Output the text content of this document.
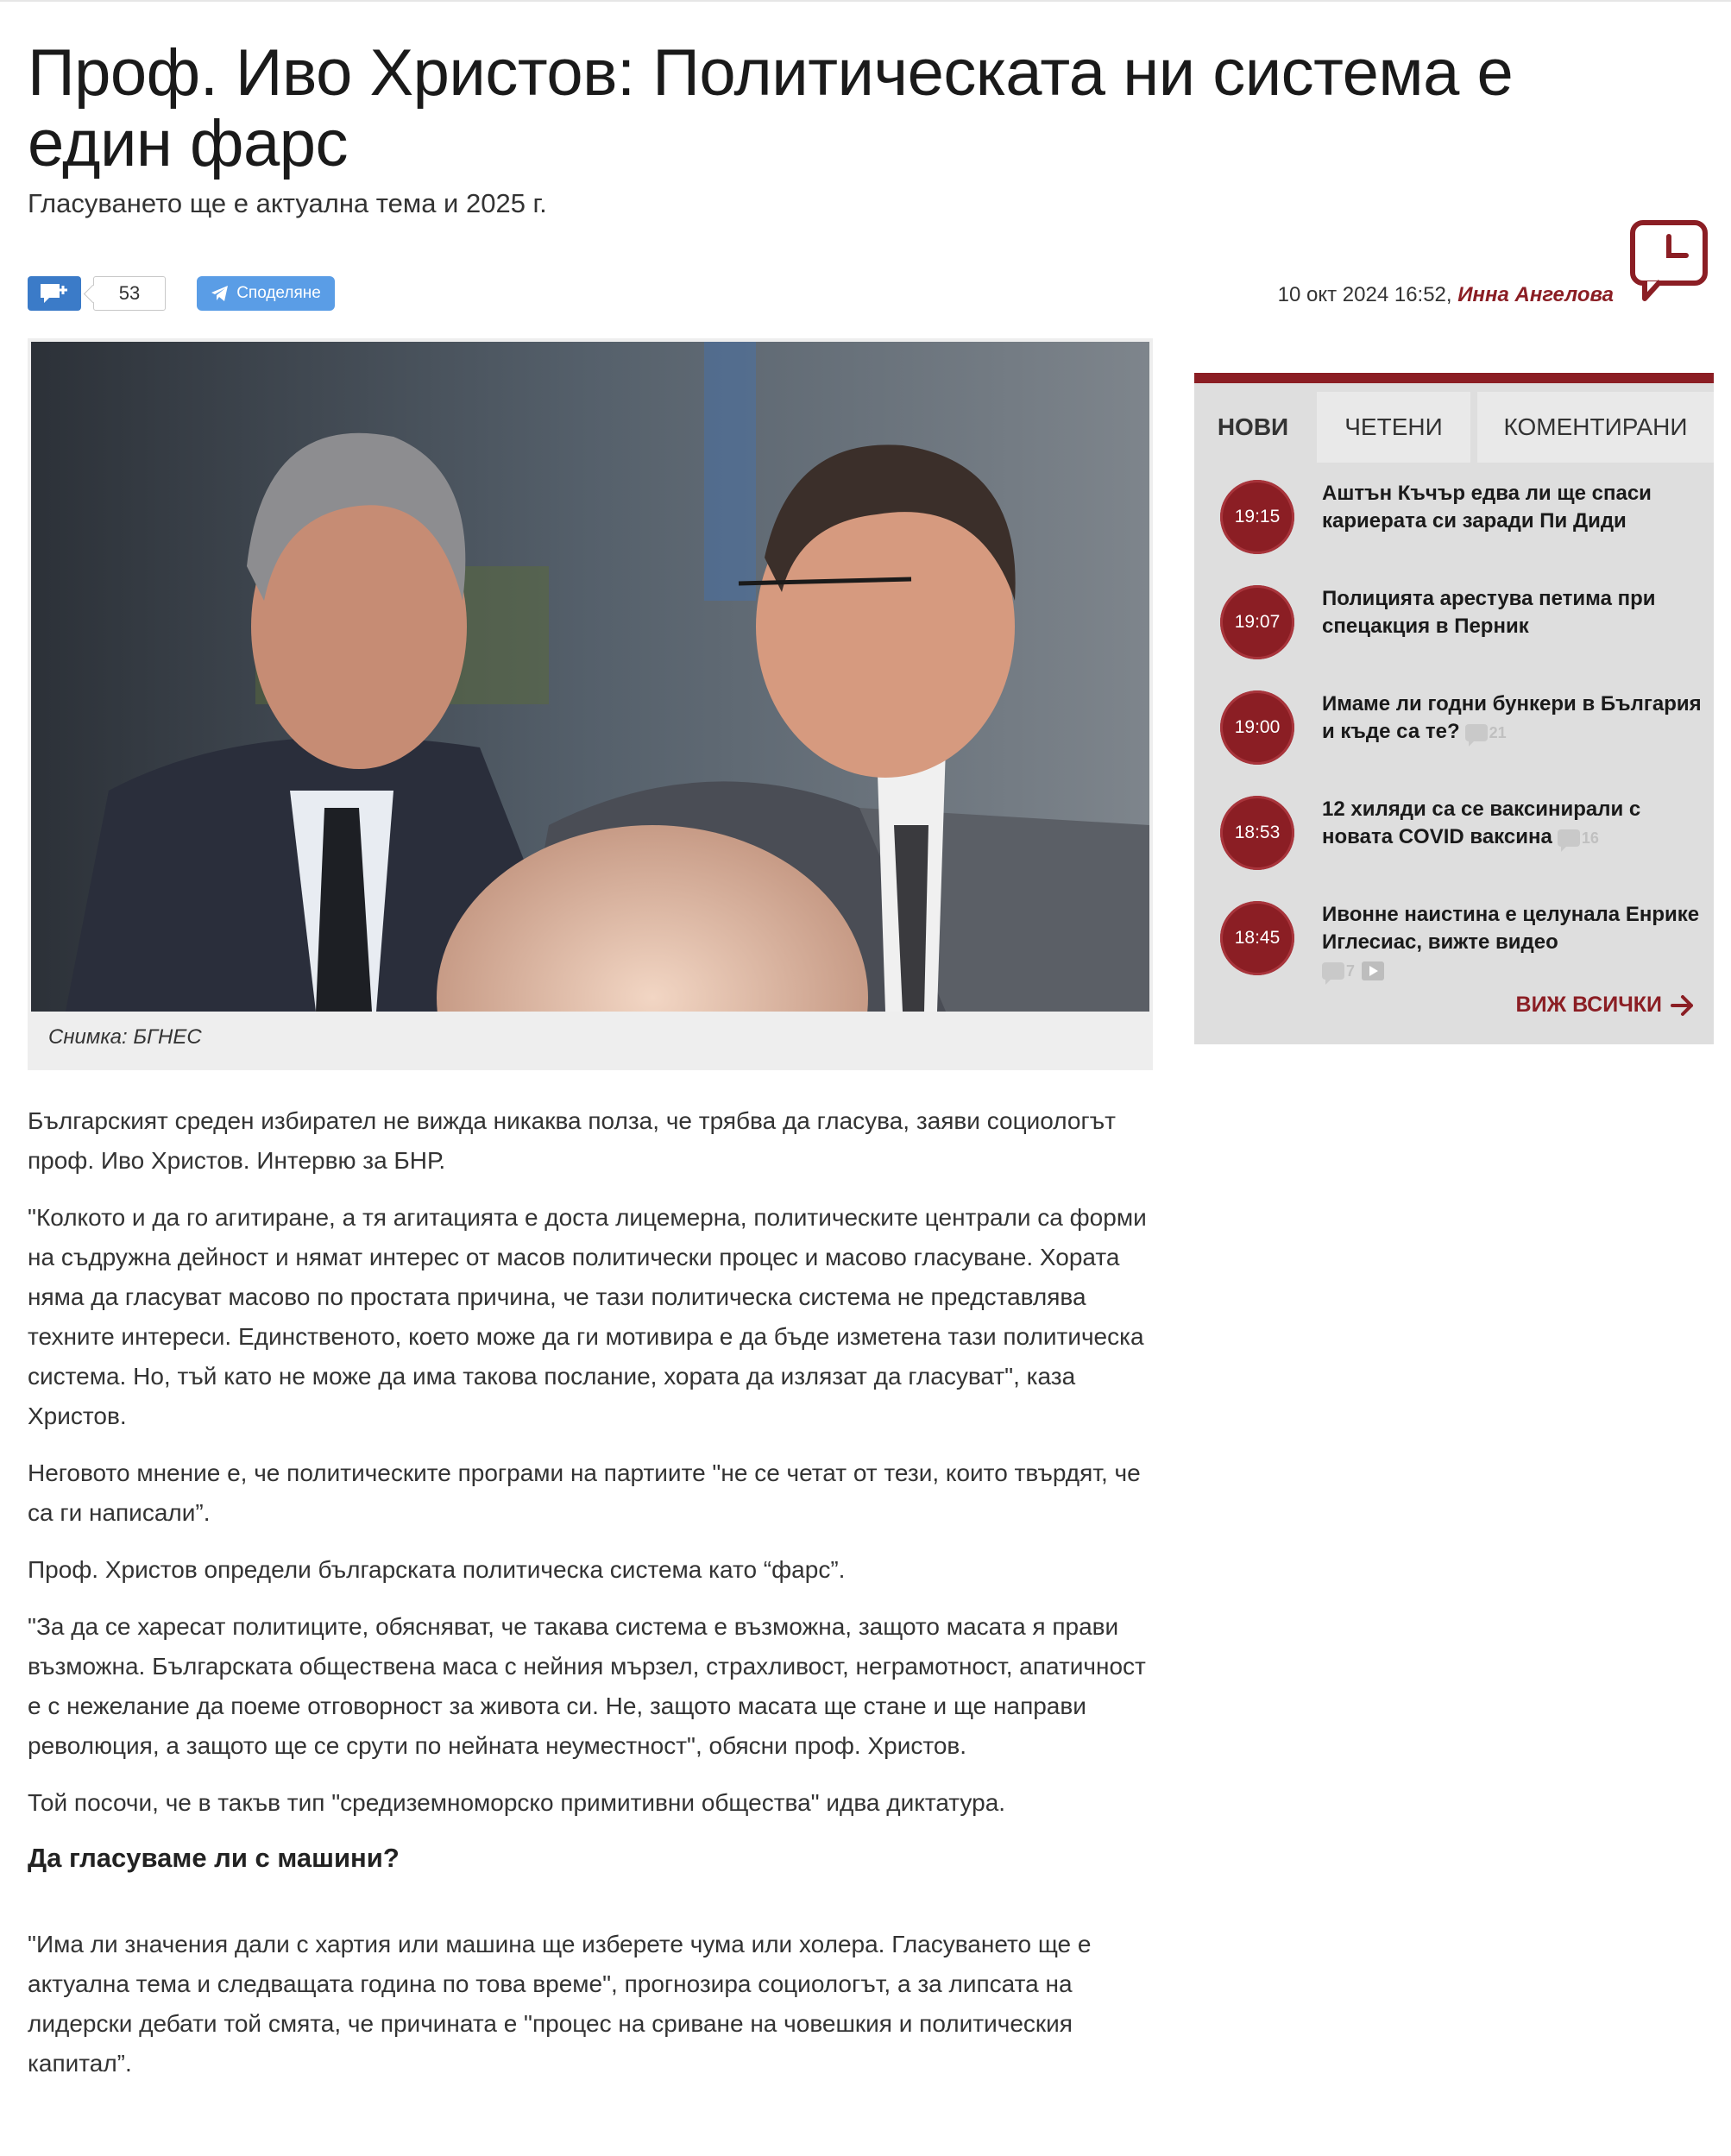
Проф. Иво Христов: Политическата ни система е един фарс
Гласуването ще е актуална тема и 2025 г.
53	Споделяне	10 окт 2024 16:52, Инна Ангелова
Снимка: БГНЕС
НОВИ	ЧЕТЕНИ	КОМЕНТИРАНИ
19:15
Аштън Къчър едва ли ще спаси кариерата си заради Пи Диди
19:07
Полицията арестува петима при спецакция в Перник
19:00
Имаме ли годни бункери в България и къде са те? 21
18:53
12 хиляди са се ваксинирали с новата COVID ваксина 16
18:45
Ивонне наистина е целунала Енрике Иглесиас, вижте видео
7
ВИЖ ВСИЧКИ

Българският среден избирател не вижда никаква полза, че трябва да гласува, заяви социологът проф. Иво Христов. Интервю за БНР.

"Колкото и да го агитиране, а тя агитацията е доста лицемерна, политическите централи са форми на съдружна дейност и нямат интерес от масов политически процес и масово гласуване. Хората няма да гласуват масово по простата причина, че тази политическа система не представлява техните интереси. Единственото, което може да ги мотивира е да бъде изметена тази политическа система. Но, тъй като не може да има такова послание, хората да излязат да гласуват", каза Христов.

Неговото мнение е, че политическите програми на партиите "не се четат от тези, които твърдят, че са ги написали”.

Проф. Христов определи българската политическа система като “фарс”.

"За да се харесат политиците, обясняват, че такава система е възможна, защото масата я прави възможна. Българската обществена маса с нейния мързел, страхливост, неграмотност, апатичност е с нежелание да поеме отговорност за живота си. Не, защото масата ще стане и ще направи революция, а защото ще се срути по нейната неуместност", обясни проф. Христов.

Той посочи, че в такъв тип "средиземноморско примитивни общества" идва диктатура.

Да гласуваме ли с машини?

"Има ли значения дали с хартия или машина ще изберете чума или холера. Гласуването ще е актуална тема и следващата година по това време", прогнозира социологът, а за липсата на лидерски дебати той смята, че причината е "процес на сриване на човешкия и политическия капитал”.
